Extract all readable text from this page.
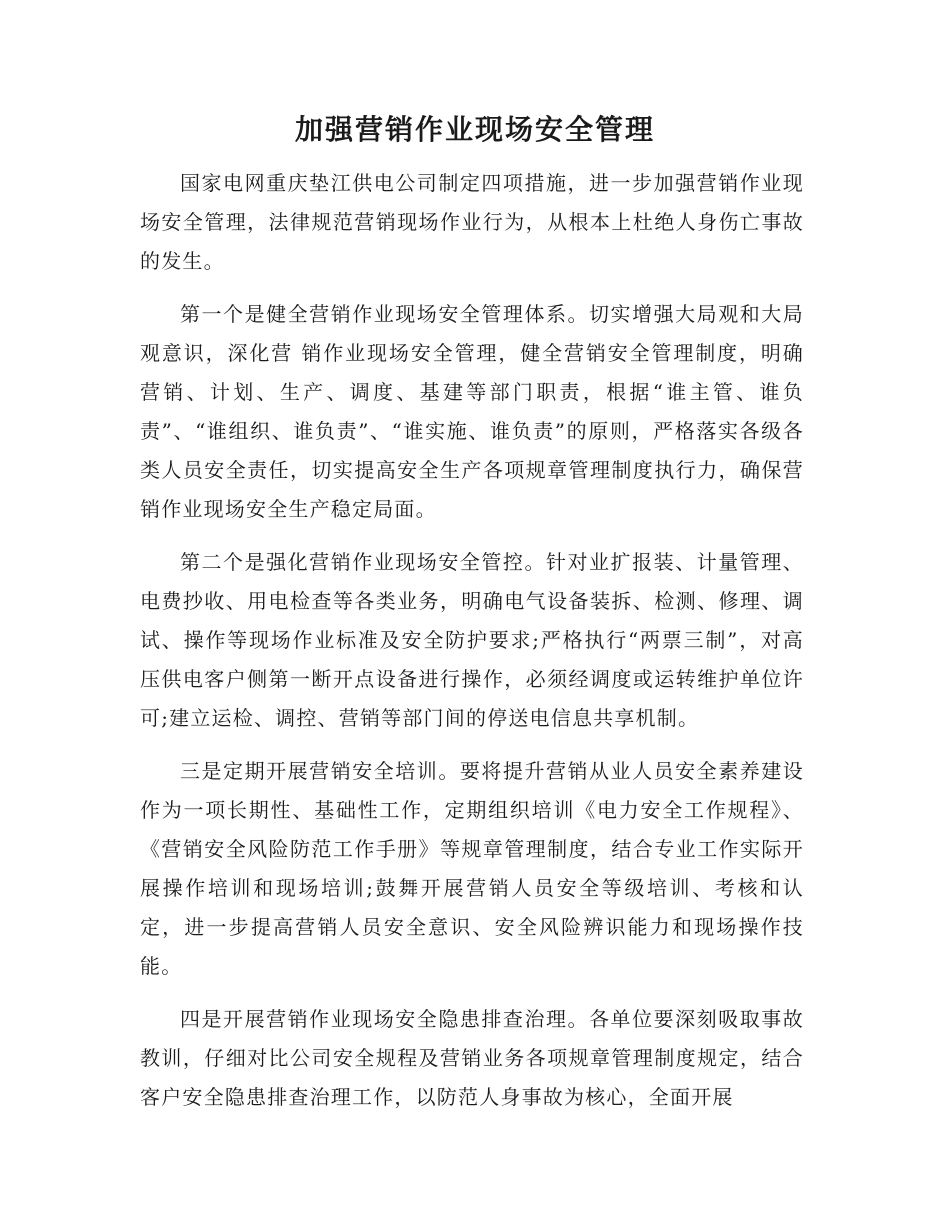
加强营销作业现场安全管理

国家电网重庆垫江供电公司制定四项措施，进一步加强营销作业现场安全管理，法律规范营销现场作业行为，从根本上杜绝人身伤亡事故的发生。

第一个是健全营销作业现场安全管理体系。切实增强大局观和大局观意识，深化营 销作业现场安全管理，健全营销安全管理制度，明确营销、计划、生产、调度、基建等部门职责，根据“谁主管、谁负责”、“谁组织、谁负责”、“谁实施、谁负责”的原则，严格落实各级各类人员安全责任，切实提高安全生产各项规章管理制度执行力，确保营销作业现场安全生产稳定局面。

第二个是强化营销作业现场安全管控。针对业扩报装、计量管理、电费抄收、用电检查等各类业务，明确电气设备装拆、检测、修理、调试、操作等现场作业标准及安全防护要求;严格执行“两票三制”，对高压供电客户侧第一断开点设备进行操作，必须经调度或运转维护单位许可;建立运检、调控、营销等部门间的停送电信息共享机制。

三是定期开展营销安全培训。要将提升营销从业人员安全素养建设作为一项长期性、基础性工作，定期组织培训《电力安全工作规程》、《营销安全风险防范工作手册》等规章管理制度，结合专业工作实际开展操作培训和现场培训;鼓舞开展营销人员安全等级培训、考核和认定，进一步提高营销人员安全意识、安全风险辨识能力和现场操作技能。

四是开展营销作业现场安全隐患排查治理。各单位要深刻吸取事故教训，仔细对比公司安全规程及营销业务各项规章管理制度规定，结合客户安全隐患排查治理工作，以防范人身事故为核心，全面开展
